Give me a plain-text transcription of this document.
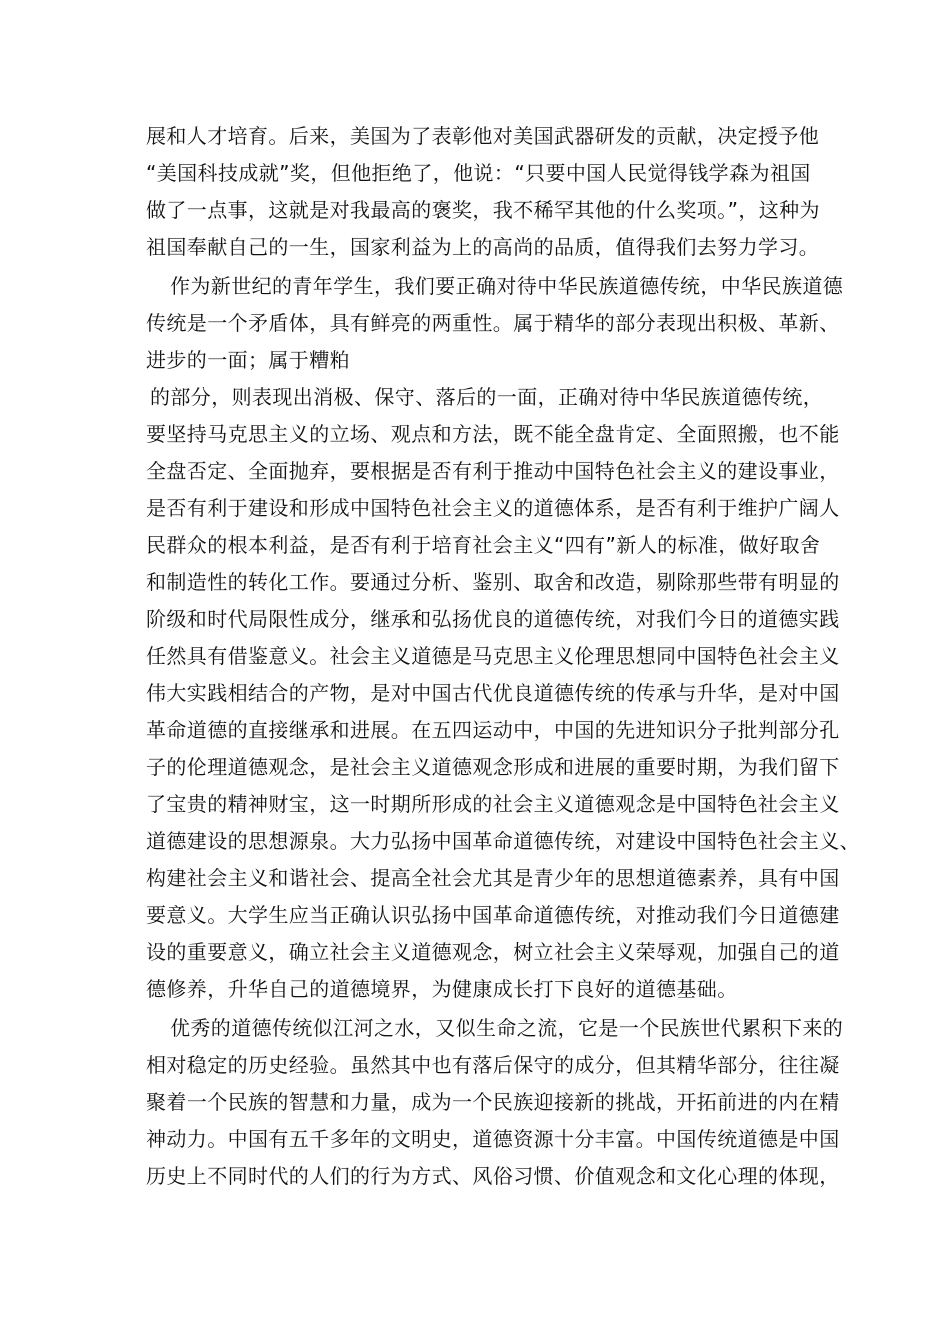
展和人才培育。后来，美国为了表彰他对美国武器研发的贡献，决定授予他
“美国科技成就”奖，但他拒绝了，他说：“只要中国人民觉得钱学森为祖国
做了一点事，这就是对我最高的褒奖，我不稀罕其他的什么奖项。”，这种为
祖国奉献自己的一生，国家利益为上的高尚的品质，值得我们去努力学习。
作为新世纪的青年学生，我们要正确对待中华民族道德传统，中华民族道德
传统是一个矛盾体，具有鲜亮的两重性。属于精华的部分表现出积极、革新、
进步的一面；属于糟粕
的部分，则表现出消极、保守、落后的一面，正确对待中华民族道德传统，
要坚持马克思主义的立场、观点和方法，既不能全盘肯定、全面照搬，也不能
全盘否定、全面抛弃，要根据是否有利于推动中国特色社会主义的建设事业，
是否有利于建设和形成中国特色社会主义的道德体系，是否有利于维护广阔人
民群众的根本利益，是否有利于培育社会主义“四有”新人的标准，做好取舍
和制造性的转化工作。要通过分析、鉴别、取舍和改造，剔除那些带有明显的
阶级和时代局限性成分，继承和弘扬优良的道德传统，对我们今日的道德实践
任然具有借鉴意义。社会主义道德是马克思主义伦理思想同中国特色社会主义
伟大实践相结合的产物，是对中国古代优良道德传统的传承与升华，是对中国
革命道德的直接继承和进展。在五四运动中，中国的先进知识分子批判部分孔
子的伦理道德观念，是社会主义道德观念形成和进展的重要时期，为我们留下
了宝贵的精神财宝，这一时期所形成的社会主义道德观念是中国特色社会主义
道德建设的思想源泉。大力弘扬中国革命道德传统，对建设中国特色社会主义、
构建社会主义和谐社会、提高全社会尤其是青少年的思想道德素养，具有中国
要意义。大学生应当正确认识弘扬中国革命道德传统，对推动我们今日道德建
设的重要意义，确立社会主义道德观念，树立社会主义荣辱观，加强自己的道
德修养，升华自己的道德境界，为健康成长打下良好的道德基础。
优秀的道德传统似江河之水，又似生命之流，它是一个民族世代累积下来的
相对稳定的历史经验。虽然其中也有落后保守的成分，但其精华部分，往往凝
聚着一个民族的智慧和力量，成为一个民族迎接新的挑战，开拓前进的内在精
神动力。中国有五千多年的文明史，道德资源十分丰富。中国传统道德是中国
历史上不同时代的人们的行为方式、风俗习惯、价值观念和文化心理的体现，
